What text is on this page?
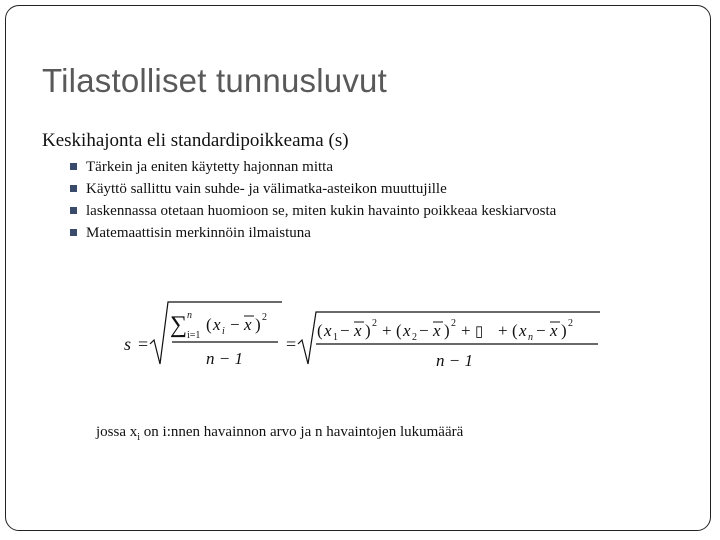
Tilastolliset tunnusluvut
Keskihajonta eli standardipoikkeama (s)
Tärkein ja eniten käytetty hajonnan mitta
Käyttö sallittu vain suhde- ja välimatka-asteikon muuttujille
laskennassa otetaan huomioon se, miten kukin havainto poikkeaa keskiarvosta
Matemaattisin merkinnöin ilmaistuna
s =
∑ n
i=1
( x i − x ) 2
n − 1
=
( x 1 − x ) 2 + ( x 2 − x ) 2 + ▯ + ( x n − x ) 2
n − 1
jossa $x_i$ on i:nnen havainnon arvo ja n havaintojen lukumäärä
